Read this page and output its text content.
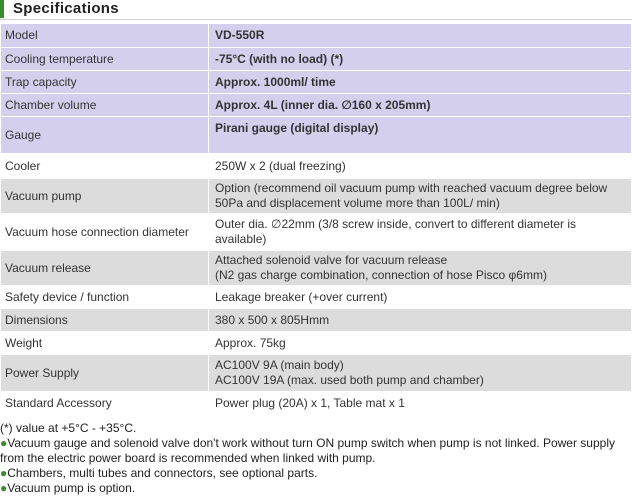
Specifications
Model	VD-550R
Cooling temperature	-75°C (with no load) (*)
Trap capacity	Approx. 1000ml/ time
Chamber volume	Approx. 4L (inner dia. ∅160 x 205mm)
Gauge	Pirani gauge (digital display)
Cooler	250W x 2 (dual freezing)
Vacuum pump	Option (recommend oil vacuum pump with reached vacuum degree below 50Pa and displacement volume more than 100L/ min)
Vacuum hose connection diameter	Outer dia. ∅22mm (3/8 screw inside, convert to different diameter is available)
Vacuum release	Attached solenoid valve for vacuum release
(N2 gas charge combination, connection of hose Pisco φ6mm)

Safety device / function	Leakage breaker (+over current)
Dimensions	380 x 500 x 805Hmm
Weight	Approx. 75kg
Power Supply	AC100V 9A (main body)
AC100V 19A (max. used both pump and chamber)

Standard Accessory	Power plug (20A) x 1, Table mat x 1

(*) value at +5°C - +35°C.

●Vacuum gauge and solenoid valve don't work without turn ON pump switch when pump is not linked. Power supply from the electric power board is recommended when linked with pump.

●Chambers, multi tubes and connectors, see optional parts.

●Vacuum pump is option.
